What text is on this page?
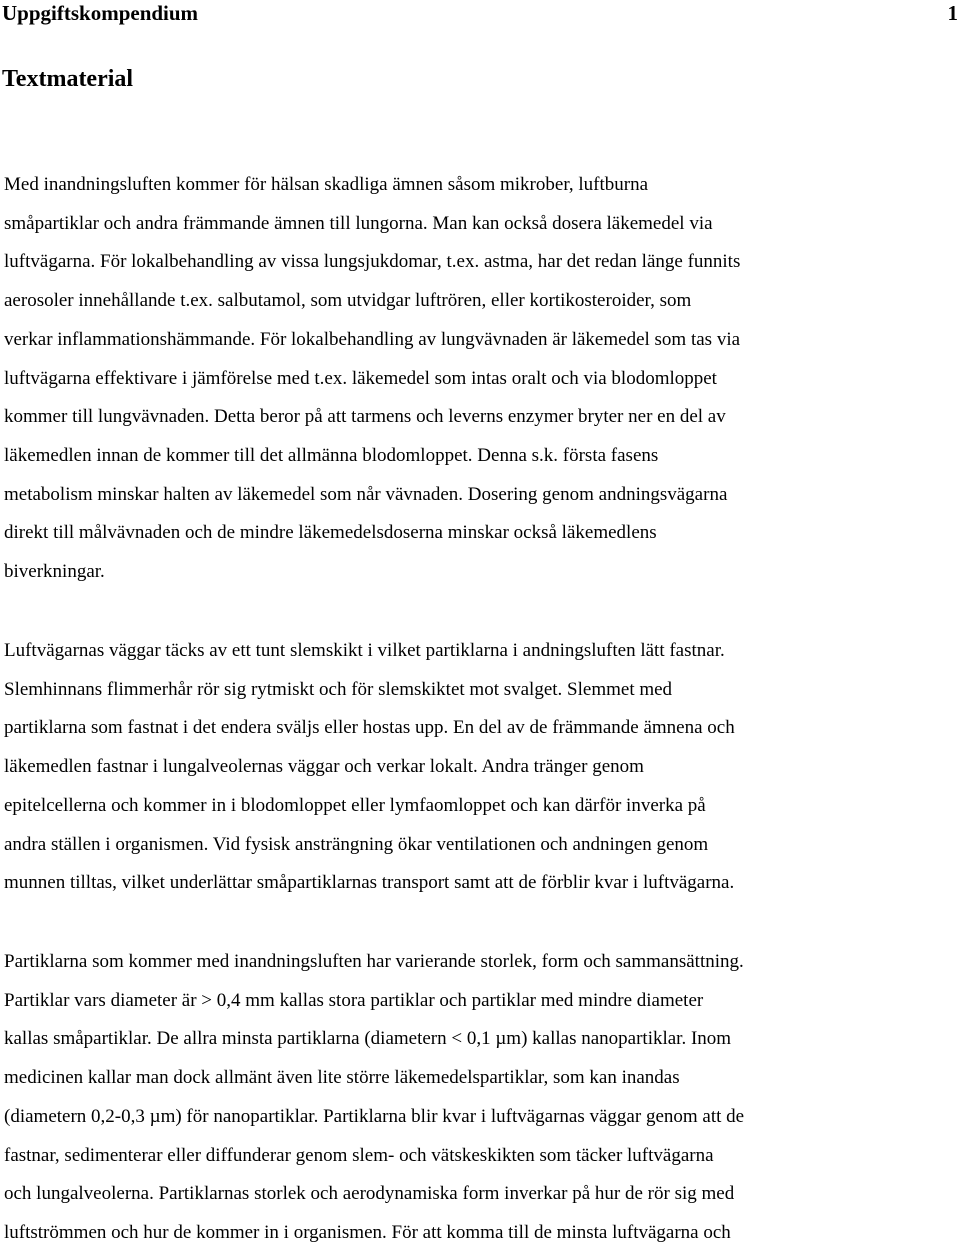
Uppgiftskompendium	1
Textmaterial
Med inandningsluften kommer för hälsan skadliga ämnen såsom mikrober, luftburna
småpartiklar och andra främmande ämnen till lungorna. Man kan också dosera läkemedel via
luftvägarna. För lokalbehandling av vissa lungsjukdomar, t.ex. astma, har det redan länge funnits
aerosoler innehållande t.ex. salbutamol, som utvidgar luftrören, eller kortikosteroider, som
verkar inflammationshämmande. För lokalbehandling av lungvävnaden är läkemedel som tas via
luftvägarna effektivare i jämförelse med t.ex. läkemedel som intas oralt och via blodomloppet
kommer till lungvävnaden. Detta beror på att tarmens och leverns enzymer bryter ner en del av
läkemedlen innan de kommer till det allmänna blodomloppet. Denna s.k. första fasens
metabolism minskar halten av läkemedel som når vävnaden. Dosering genom andningsvägarna
direkt till målvävnaden och de mindre läkemedelsdoserna minskar också läkemedlens
biverkningar.
Luftvägarnas väggar täcks av ett tunt slemskikt i vilket partiklarna i andningsluften lätt fastnar.
Slemhinnans flimmerhår rör sig rytmiskt och för slemskiktet mot svalget. Slemmet med
partiklarna som fastnat i det endera sväljs eller hostas upp. En del av de främmande ämnena och
läkemedlen fastnar i lungalveolernas väggar och verkar lokalt. Andra tränger genom
epitelcellerna och kommer in i blodomloppet eller lymfaomloppet och kan därför inverka på
andra ställen i organismen. Vid fysisk ansträngning ökar ventilationen och andningen genom
munnen tilltas, vilket underlättar småpartiklarnas transport samt att de förblir kvar i luftvägarna.
Partiklarna som kommer med inandningsluften har varierande storlek, form och sammansättning.
Partiklar vars diameter är > 0,4 mm kallas stora partiklar och partiklar med mindre diameter
kallas småpartiklar. De allra minsta partiklarna (diametern < 0,1 µm) kallas nanopartiklar. Inom
medicinen kallar man dock allmänt även lite större läkemedelspartiklar, som kan inandas
(diametern 0,2-0,3 µm) för nanopartiklar. Partiklarna blir kvar i luftvägarnas väggar genom att de
fastnar, sedimenterar eller diffunderar genom slem- och vätskeskikten som täcker luftvägarna
och lungalveolerna. Partiklarnas storlek och aerodynamiska form inverkar på hur de rör sig med
luftströmmen och hur de kommer in i organismen. För att komma till de minsta luftvägarna och
